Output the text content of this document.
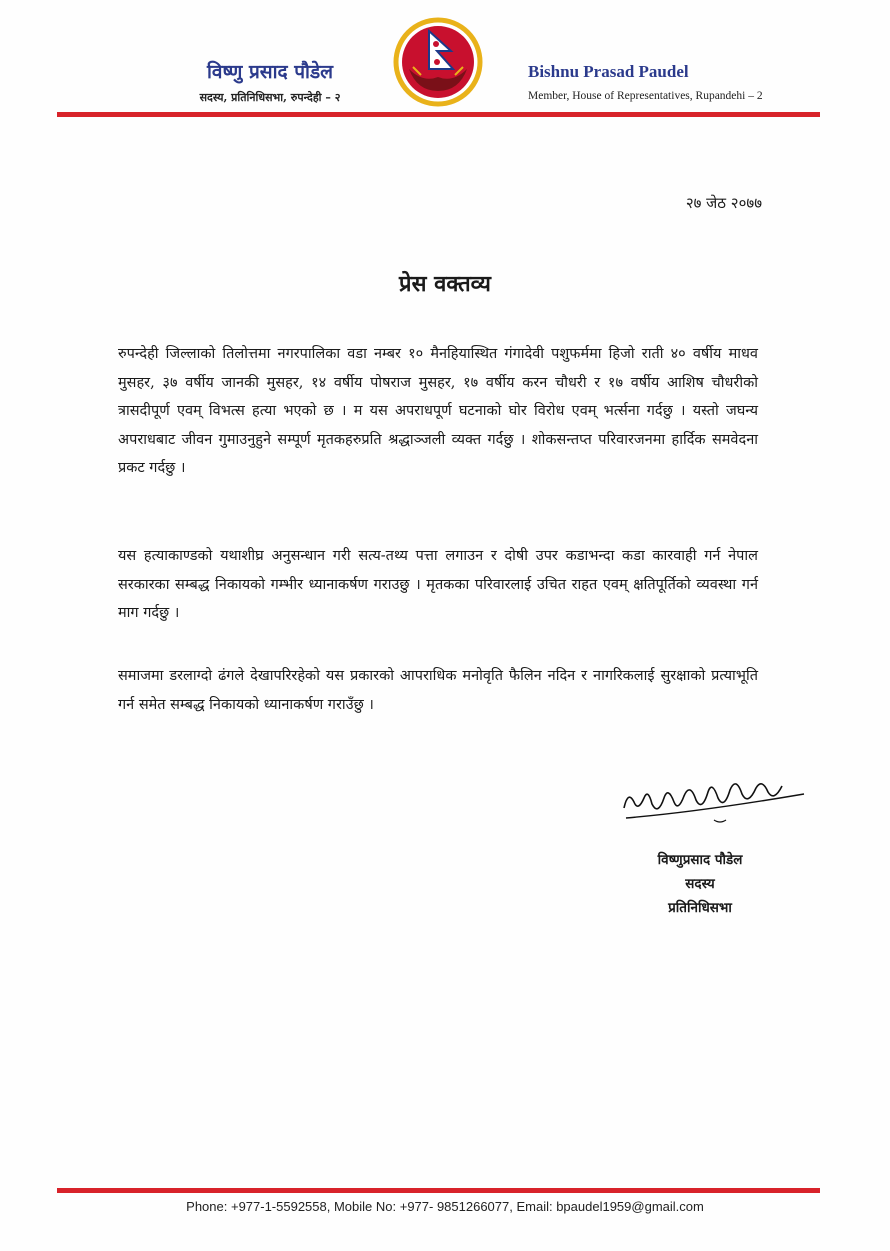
विष्णु प्रसाद पौडेल
सदस्य, प्रतिनिधिसभा, रुपन्देही – २
Bishnu Prasad Paudel
Member, House of Representatives, Rupandehi – 2
२७ जेठ २०७७
प्रेस वक्तव्य

रुपन्देही जिल्लाको तिलोत्तमा नगरपालिका वडा नम्बर १० मैनहियास्थित गंगादेवी पशुफर्ममा हिजो राती ४० वर्षीय माधव मुसहर, ३७ वर्षीय जानकी मुसहर, १४ वर्षीय पोषराज मुसहर, १७ वर्षीय करन चौधरी र १७ वर्षीय आशिष चौधरीको त्रासदीपूर्ण एवम् विभत्स हत्या भएको छ । म यस अपराधपूर्ण घटनाको घोर विरोध एवम् भर्त्सना गर्दछु । यस्तो जघन्य अपराधबाट जीवन गुमाउनुहुने सम्पूर्ण मृतकहरुप्रति श्रद्धाञ्जली व्यक्त गर्दछु । शोकसन्तप्त परिवारजनमा हार्दिक समवेदना प्रकट गर्दछु ।

यस हत्याकाण्डको यथाशीघ्र अनुसन्धान गरी सत्य-तथ्य पत्ता लगाउन र दोषी उपर कडाभन्दा कडा कारवाही गर्न नेपाल सरकारका सम्बद्ध निकायको गम्भीर ध्यानाकर्षण गराउछु । मृतकका परिवारलाई उचित राहत एवम् क्षतिपूर्तिको व्यवस्था गर्न माग गर्दछु ।

समाजमा डरलाग्दो ढंगले देखापरिरहेको यस प्रकारको आपराधिक मनोवृति फैलिन नदिन र नागरिकलाई सुरक्षाको प्रत्याभूति गर्न समेत सम्बद्ध निकायको ध्यानाकर्षण गराउँछु ।

विष्णुप्रसाद पौडेल
सदस्य
प्रतिनिधिसभा
Phone: +977-1-5592558, Mobile No: +977- 9851266077, Email: bpaudel1959@gmail.com
